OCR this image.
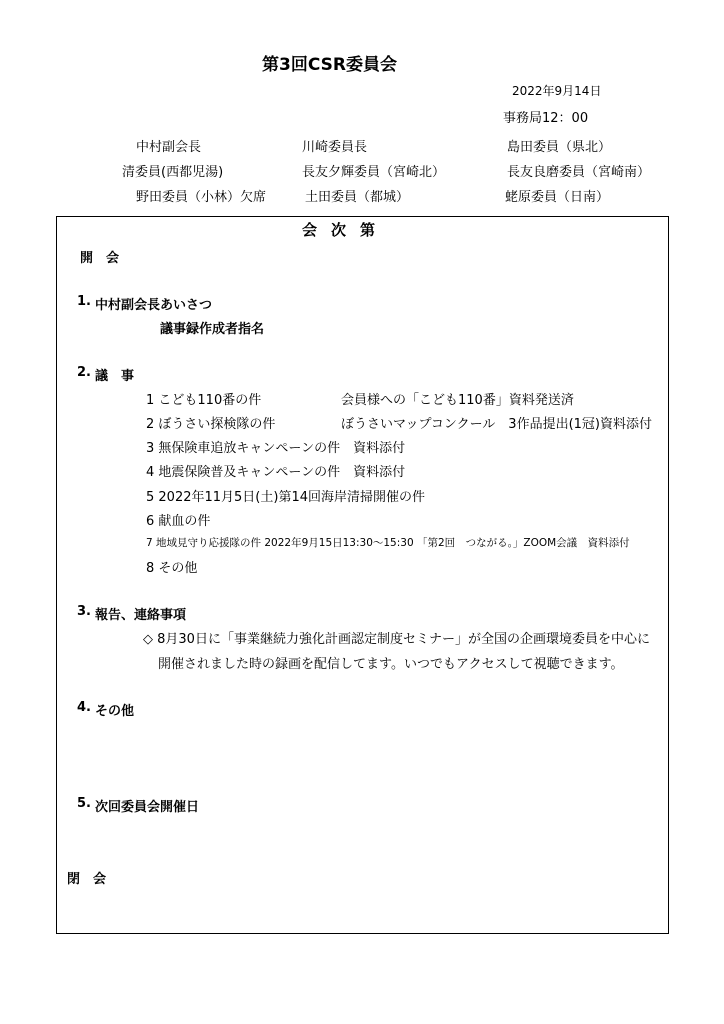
第3回CSR委員会
2022年9月14日
事務局12：00
中村副会長	川崎委員長	島田委員（県北）
清委員(西都児湯)	長友夕輝委員（宮崎北）	長友良磨委員（宮崎南）
野田委員（小林）欠席	土田委員（都城）	蛯原委員（日南）
会次第
開　会
1. 中村副会長あいさつ
議事録作成者指名
2. 議　事
1 こども110番の件	会員様への「こども110番」資料発送済
2 ぼうさい探検隊の件	ぼうさいマップコンクール　3作品提出(1冠)資料添付
3 無保険車追放キャンペーンの件　資料添付
4 地震保険普及キャンペーンの件　資料添付
5 2022年11月5日(土)第14回海岸清掃開催の件
6 献血の件
7 地域見守り応援隊の件 2022年9月15日13:30～15:30 「第2回　つながる。」ZOOM会議　資料添付
8 その他
3. 報告、連絡事項
◇ 8月30日に「事業継続力強化計画認定制度セミナー」が全国の企画環境委員を中心に
開催されました時の録画を配信してます。いつでもアクセスして視聴できます。
4. その他
5. 次回委員会開催日
閉　会
